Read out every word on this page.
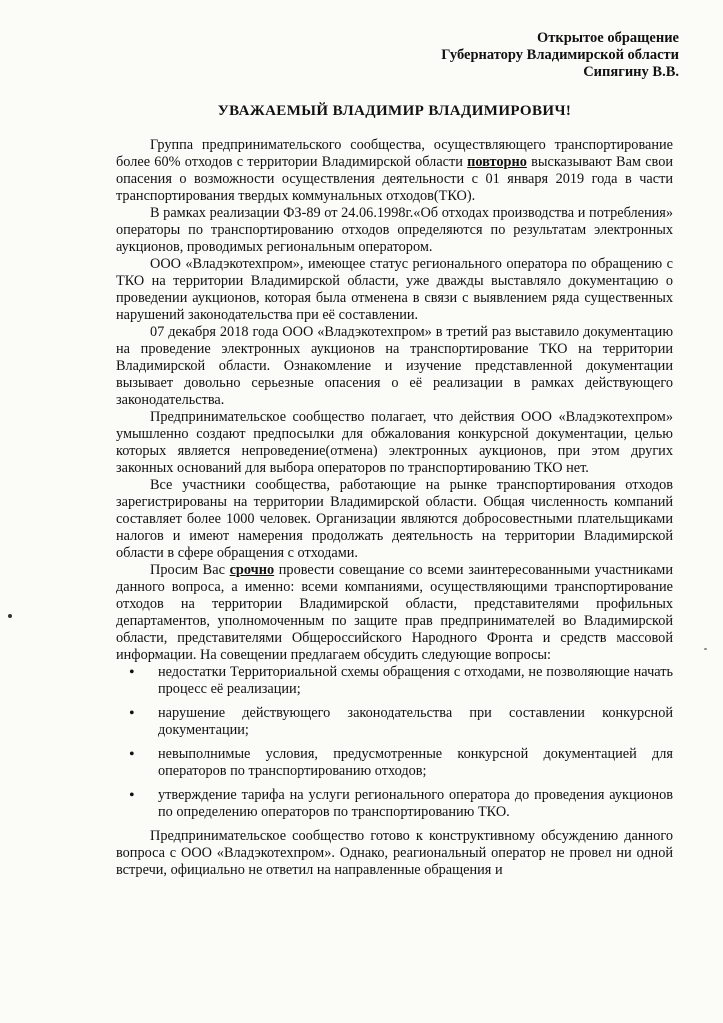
Открытое обращение
Губернатору Владимирской области
Сипягину В.В.
УВАЖАЕМЫЙ ВЛАДИМИР ВЛАДИМИРОВИЧ!

Группа предпринимательского сообщества, осуществляющего транспортирование более 60% отходов с территории Владимирской области повторно высказывают Вам свои опасения о возможности осуществления деятельности с 01 января 2019 года в части транспортирования твердых коммунальных отходов(ТКО).

В рамках реализации ФЗ-89 от 24.06.1998г.«Об отходах производства и потребления» операторы по транспортированию отходов определяются по результатам электронных аукционов, проводимых региональным оператором.

ООО «Владэкотехпром», имеющее статус регионального оператора по обращению с ТКО на территории Владимирской области, уже дважды выставляло документацию о проведении аукционов, которая была отменена в связи с выявлением ряда существенных нарушений законодательства при её составлении.

07 декабря 2018 года ООО «Владэкотехпром» в третий раз выставило документацию на проведение электронных аукционов на транспортирование ТКО на территории Владимирской области. Ознакомление и изучение представленной документации вызывает довольно серьезные опасения о её реализации в рамках действующего законодательства.

Предпринимательское сообщество полагает, что действия ООО «Владэкотехпром» умышленно создают предпосылки для обжалования конкурсной документации, целью которых является непроведение(отмена) электронных аукционов, при этом других законных оснований для выбора операторов по транспортированию ТКО нет.

Все участники сообщества, работающие на рынке транспортирования отходов зарегистрированы на территории Владимирской области. Общая численность компаний составляет более 1000 человек. Организации являются добросовестными плательщиками налогов и имеют намерения продолжать деятельность на территории Владимирской области в сфере обращения с отходами.

Просим Вас срочно провести совещание со всеми заинтересованными участниками данного вопроса, а именно: всеми компаниями, осуществляющими транспортирование отходов на территории Владимирской области, представителями профильных департаментов, уполномоченным по защите прав предпринимателей во Владимирской области, представителями Общероссийского Народного Фронта и средств массовой информации. На совещении предлагаем обсудить следующие вопросы:

• недостатки Территориальной схемы обращения с отходами, не позволяющие начать процесс её реализации;
• нарушение действующего законодательства при составлении конкурсной документации;
• невыполнимые условия, предусмотренные конкурсной документацией для операторов по транспортированию отходов;
• утверждение тарифа на услуги регионального оператора до проведения аукционов по определению операторов по транспортированию ТКО.

Предпринимательское сообщество готово к конструктивному обсуждению данного вопроса с ООО «Владэкотехпром». Однако, реагиональный оператор не провел ни одной встречи, официально не ответил на направленные обращения и
